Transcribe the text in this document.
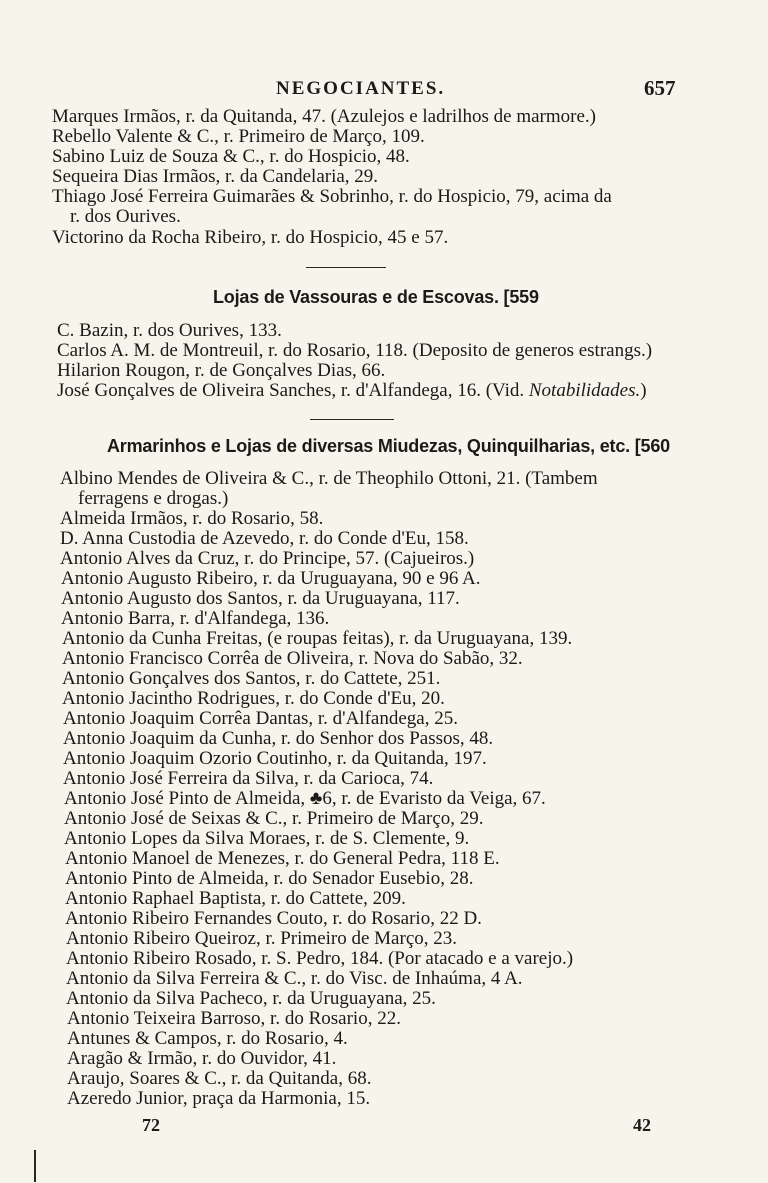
NEGOCIANTES.	657
Marques Irmãos, r. da Quitanda, 47. (Azulejos e ladrilhos de marmore.)
Rebello Valente & C., r. Primeiro de Março, 109.
Sabino Luiz de Souza & C., r. do Hospicio, 48.
Sequeira Dias Irmãos, r. da Candelaria, 29.
Thiago José Ferreira Guimarães & Sobrinho, r. do Hospicio, 79, acima da
r. dos Ourives.
Victorino da Rocha Ribeiro, r. do Hospicio, 45 e 57.
Lojas de Vassouras e de Escovas. [559
C. Bazin, r. dos Ourives, 133.
Carlos A. M. de Montreuil, r. do Rosario, 118. (Deposito de generos estrangs.)
Hilarion Rougon, r. de Gonçalves Dias, 66.
José Gonçalves de Oliveira Sanches, r. d'Alfandega, 16. (Vid. Notabilidades.)
Armarinhos e Lojas de diversas Miudezas, Quinquilharias, etc. [560
Albino Mendes de Oliveira & C., r. de Theophilo Ottoni, 21. (Tambem
ferragens e drogas.)
Almeida Irmãos, r. do Rosario, 58.
D. Anna Custodia de Azevedo, r. do Conde d'Eu, 158.
Antonio Alves da Cruz, r. do Principe, 57. (Cajueiros.)
Antonio Augusto Ribeiro, r. da Uruguayana, 90 e 96 A.
Antonio Augusto dos Santos, r. da Uruguayana, 117.
Antonio Barra, r. d'Alfandega, 136.
Antonio da Cunha Freitas, (e roupas feitas), r. da Uruguayana, 139.
Antonio Francisco Corrêa de Oliveira, r. Nova do Sabão, 32.
Antonio Gonçalves dos Santos, r. do Cattete, 251.
Antonio Jacintho Rodrigues, r. do Conde d'Eu, 20.
Antonio Joaquim Corrêa Dantas, r. d'Alfandega, 25.
Antonio Joaquim da Cunha, r. do Senhor dos Passos, 48.
Antonio Joaquim Ozorio Coutinho, r. da Quitanda, 197.
Antonio José Ferreira da Silva, r. da Carioca, 74.
Antonio José Pinto de Almeida, ♣6, r. de Evaristo da Veiga, 67.
Antonio José de Seixas & C., r. Primeiro de Março, 29.
Antonio Lopes da Silva Moraes, r. de S. Clemente, 9.
Antonio Manoel de Menezes, r. do General Pedra, 118 E.
Antonio Pinto de Almeida, r. do Senador Eusebio, 28.
Antonio Raphael Baptista, r. do Cattete, 209.
Antonio Ribeiro Fernandes Couto, r. do Rosario, 22 D.
Antonio Ribeiro Queiroz, r. Primeiro de Março, 23.
Antonio Ribeiro Rosado, r. S. Pedro, 184. (Por atacado e a varejo.)
Antonio da Silva Ferreira & C., r. do Visc. de Inhaúma, 4 A.
Antonio da Silva Pacheco, r. da Uruguayana, 25.
Antonio Teixeira Barroso, r. do Rosario, 22.
Antunes & Campos, r. do Rosario, 4.
Aragão & Irmão, r. do Ouvidor, 41.
Araujo, Soares & C., r. da Quitanda, 68.
Azeredo Junior, praça da Harmonia, 15.
72	42
